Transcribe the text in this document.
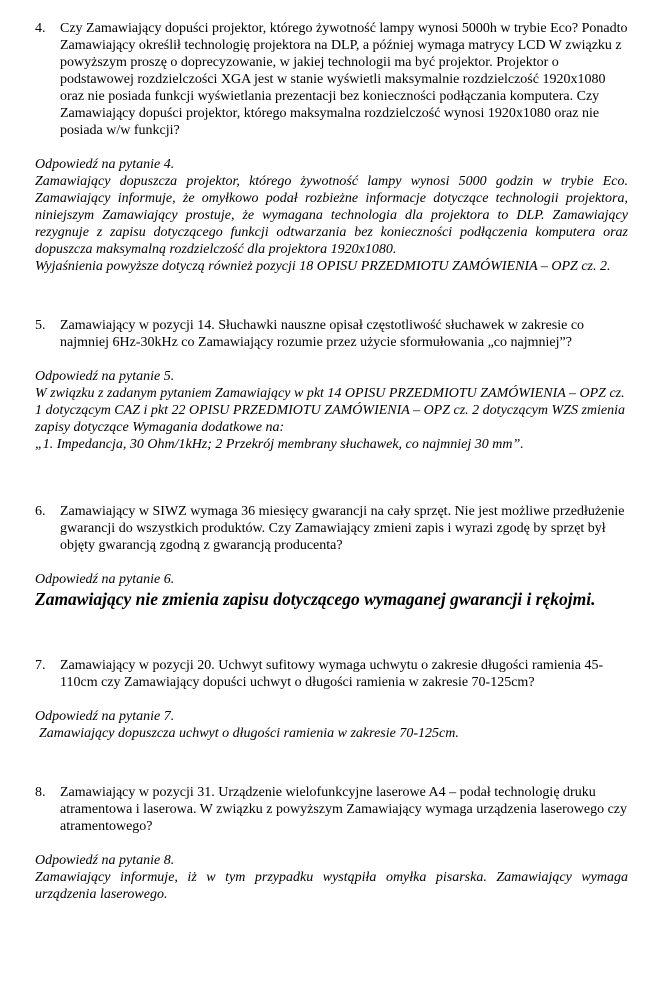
4.	Czy Zamawiający dopuści projektor, którego żywotność lampy wynosi 5000h w trybie Eco? Ponadto Zamawiający określił technologię projektora na DLP, a później wymaga matrycy LCD W związku z powyższym proszę o doprecyzowanie, w jakiej technologii ma być projektor. Projektor o podstawowej rozdzielczości XGA jest w stanie wyświetli maksymalnie rozdzielczość 1920x1080 oraz nie posiada funkcji wyświetlania prezentacji bez konieczności podłączania komputera. Czy Zamawiający dopuści projektor, którego maksymalna rozdzielczość wynosi 1920x1080 oraz nie posiada w/w funkcji?
Odpowiedź na pytanie 4.
Zamawiający dopuszcza projektor, którego żywotność lampy wynosi 5000 godzin w trybie Eco. Zamawiający informuje, że omyłkowo podał rozbieżne informacje dotyczące technologii projektora, niniejszym Zamawiający prostuje, że wymagana technologia dla projektora to DLP. Zamawiający rezygnuje z zapisu dotyczącego funkcji odtwarzania bez konieczności podłączenia komputera oraz dopuszcza maksymalną rozdzielczość dla projektora 1920x1080.
Wyjaśnienia powyższe dotyczą również pozycji 18 OPISU PRZEDMIOTU ZAMÓWIENIA – OPZ cz. 2.
5.	Zamawiający w pozycji 14. Słuchawki nauszne opisał częstotliwość słuchawek w zakresie co najmniej 6Hz-30kHz co Zamawiający rozumie przez użycie sformułowania „co najmniej”?
Odpowiedź na pytanie 5.
W związku z zadanym pytaniem Zamawiający w pkt 14 OPISU PRZEDMIOTU ZAMÓWIENIA – OPZ cz. 1 dotyczącym CAZ i pkt 22 OPISU PRZEDMIOTU ZAMÓWIENIA – OPZ cz. 2 dotyczącym WZS zmienia zapisy dotyczące Wymagania dodatkowe na:
„1. Impedancja, 30 Ohm/1kHz; 2 Przekrój membrany słuchawek, co najmniej 30 mm”.
6.	Zamawiający w SIWZ wymaga 36 miesięcy gwarancji na cały sprzęt. Nie jest możliwe przedłużenie gwarancji do wszystkich produktów. Czy Zamawiający zmieni zapis i wyrazi zgodę by sprzęt był objęty gwarancją zgodną z gwarancją producenta?
Odpowiedź na pytanie 6.
Zamawiający nie zmienia zapisu dotyczącego wymaganej gwarancji i rękojmi.
7.	Zamawiający w pozycji 20. Uchwyt sufitowy wymaga uchwytu o zakresie długości ramienia 45-110cm czy Zamawiający dopuści uchwyt o długości ramienia w zakresie 70-125cm?
Odpowiedź na pytanie 7.
Zamawiający dopuszcza uchwyt o długości ramienia w zakresie 70-125cm.
8.	Zamawiający w pozycji 31. Urządzenie wielofunkcyjne laserowe A4 – podał technologię druku atramentowa i laserowa. W związku z powyższym Zamawiający wymaga urządzenia laserowego czy atramentowego?
Odpowiedź na pytanie 8.
Zamawiający informuje, iż w tym przypadku wystąpiła omyłka pisarska. Zamawiający wymaga urządzenia laserowego.
